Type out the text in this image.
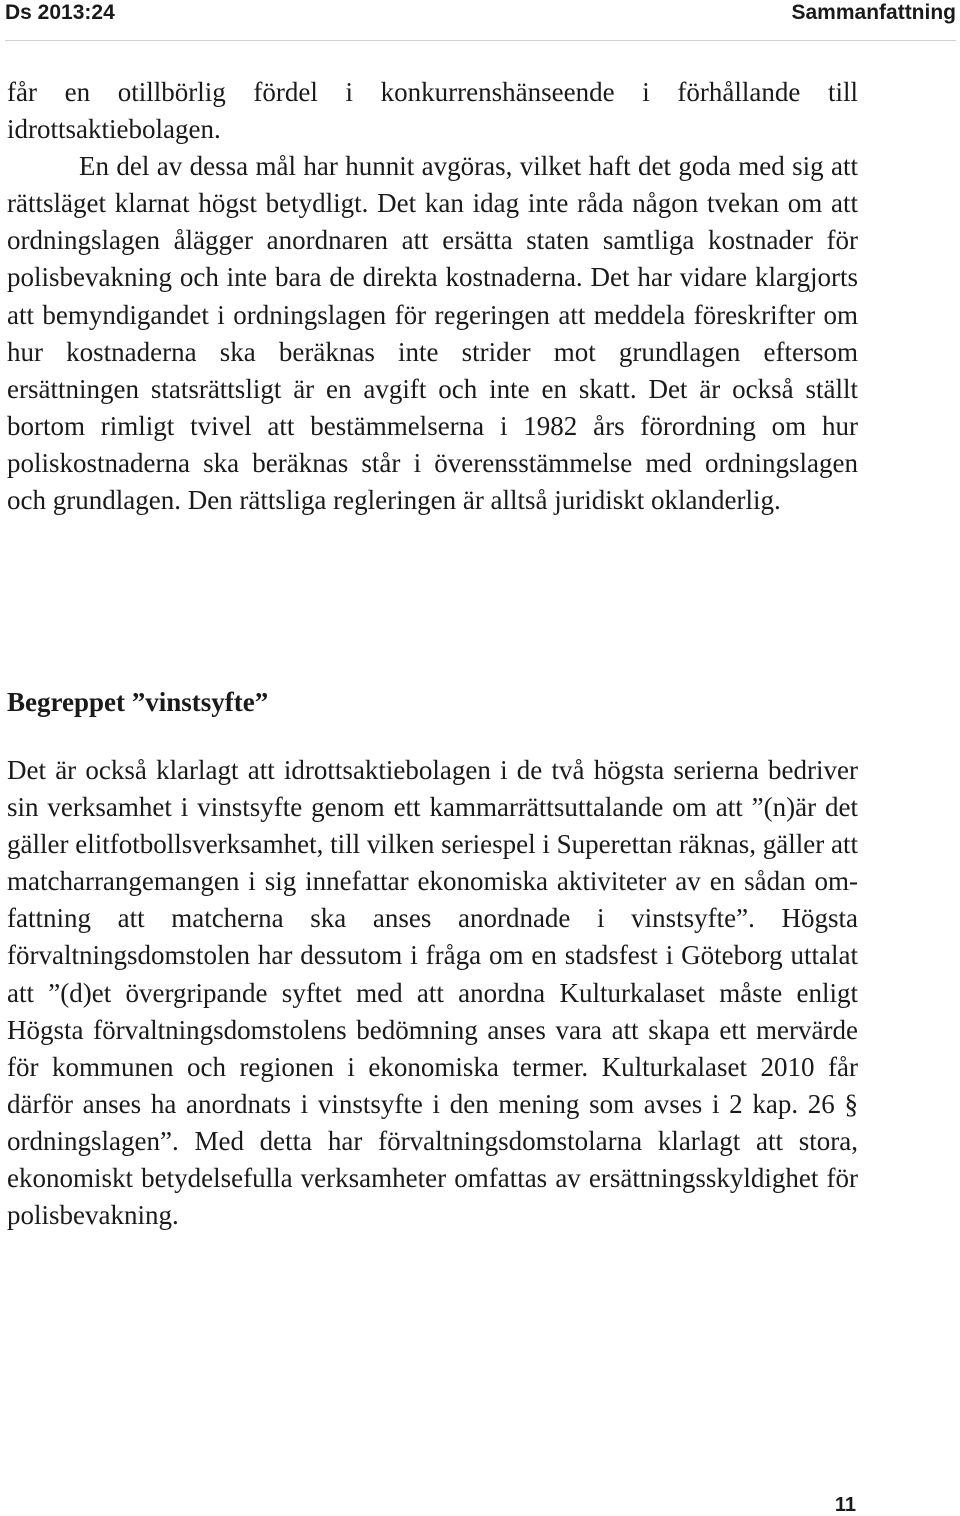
Ds 2013:24	Sammanfattning

får en otillbörlig fördel i konkurrenshänseende i förhållande till idrottsaktiebolagen.

En del av dessa mål har hunnit avgöras, vilket haft det goda med sig att rättsläget klarnat högst betydligt. Det kan idag inte råda någon tvekan om att ordningslagen ålägger anordnaren att ersätta staten samtliga kostnader för polisbevakning och inte bara de direkta kostnaderna. Det har vidare klargjorts att bemyndigandet i ordningslagen för regeringen att meddela föreskrifter om hur kostnaderna ska beräknas inte strider mot grundlagen eftersom ersättningen statsrättsligt är en avgift och inte en skatt. Det är också ställt bortom rimligt tvivel att bestämmelserna i 1982 års förordning om hur poliskostnaderna ska beräknas står i överensstämmelse med ordningslagen och grundlagen. Den rättsliga regleringen är alltså juridiskt oklanderlig.

Begreppet ”vinstsyfte”

Det är också klarlagt att idrottsaktiebolagen i de två högsta serierna bedriver sin verksamhet i vinstsyfte genom ett kammarrättsuttalande om att ”(n)är det gäller elitfotbollsverksamhet, till vilken seriespel i Superettan räknas, gäller att matcharrangemangen i sig innefattar ekonomiska aktiviteter av en sådan omfattning att matcherna ska anses anordnade i vinstsyfte”. Högsta förvaltningsdomstolen har dessutom i fråga om en stadsfest i Göteborg uttalat att ”(d)et övergripande syftet med att anordna Kulturkalaset måste enligt Högsta förvaltningsdomstolens bedömning anses vara att skapa ett mervärde för kommunen och regionen i ekonomiska termer. Kulturkalaset 2010 får därför anses ha anordnats i vinstsyfte i den mening som avses i 2 kap. 26 § ordningslagen”. Med detta har förvaltningsdomstolarna klarlagt att stora, ekonomiskt betydelsefulla verksamheter omfattas av ersättningsskyldighet för polisbevakning.

11
